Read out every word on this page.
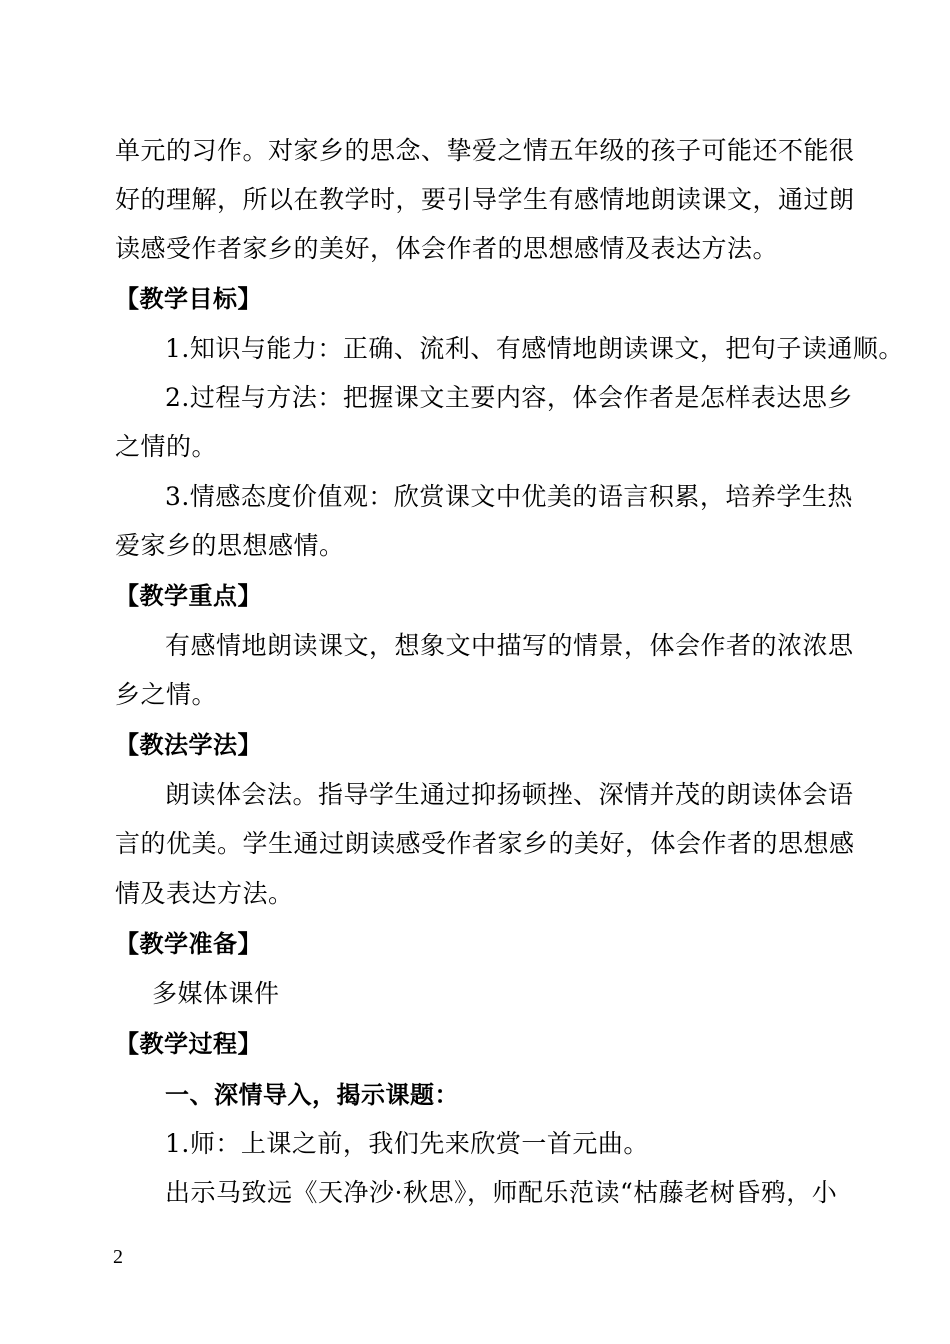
单元的习作。对家乡的思念、挚爱之情五年级的孩子可能还不能很
好的理解，所以在教学时，要引导学生有感情地朗读课文，通过朗
读感受作者家乡的美好，体会作者的思想感情及表达方法。
【教学目标】
1.知识与能力：正确、流利、有感情地朗读课文，把句子读通顺。
2.过程与方法：把握课文主要内容，体会作者是怎样表达思乡
之情的。
3.情感态度价值观：欣赏课文中优美的语言积累，培养学生热
爱家乡的思想感情。
【教学重点】
有感情地朗读课文，想象文中描写的情景，体会作者的浓浓思
乡之情。
【教法学法】
朗读体会法。指导学生通过抑扬顿挫、深情并茂的朗读体会语
言的优美。学生通过朗读感受作者家乡的美好，体会作者的思想感
情及表达方法。
【教学准备】
多媒体课件
【教学过程】
一、深情导入，揭示课题：
1.师：上课之前，我们先来欣赏一首元曲。
出示马致远《天净沙·秋思》，师配乐范读“枯藤老树昏鸦，小
2
